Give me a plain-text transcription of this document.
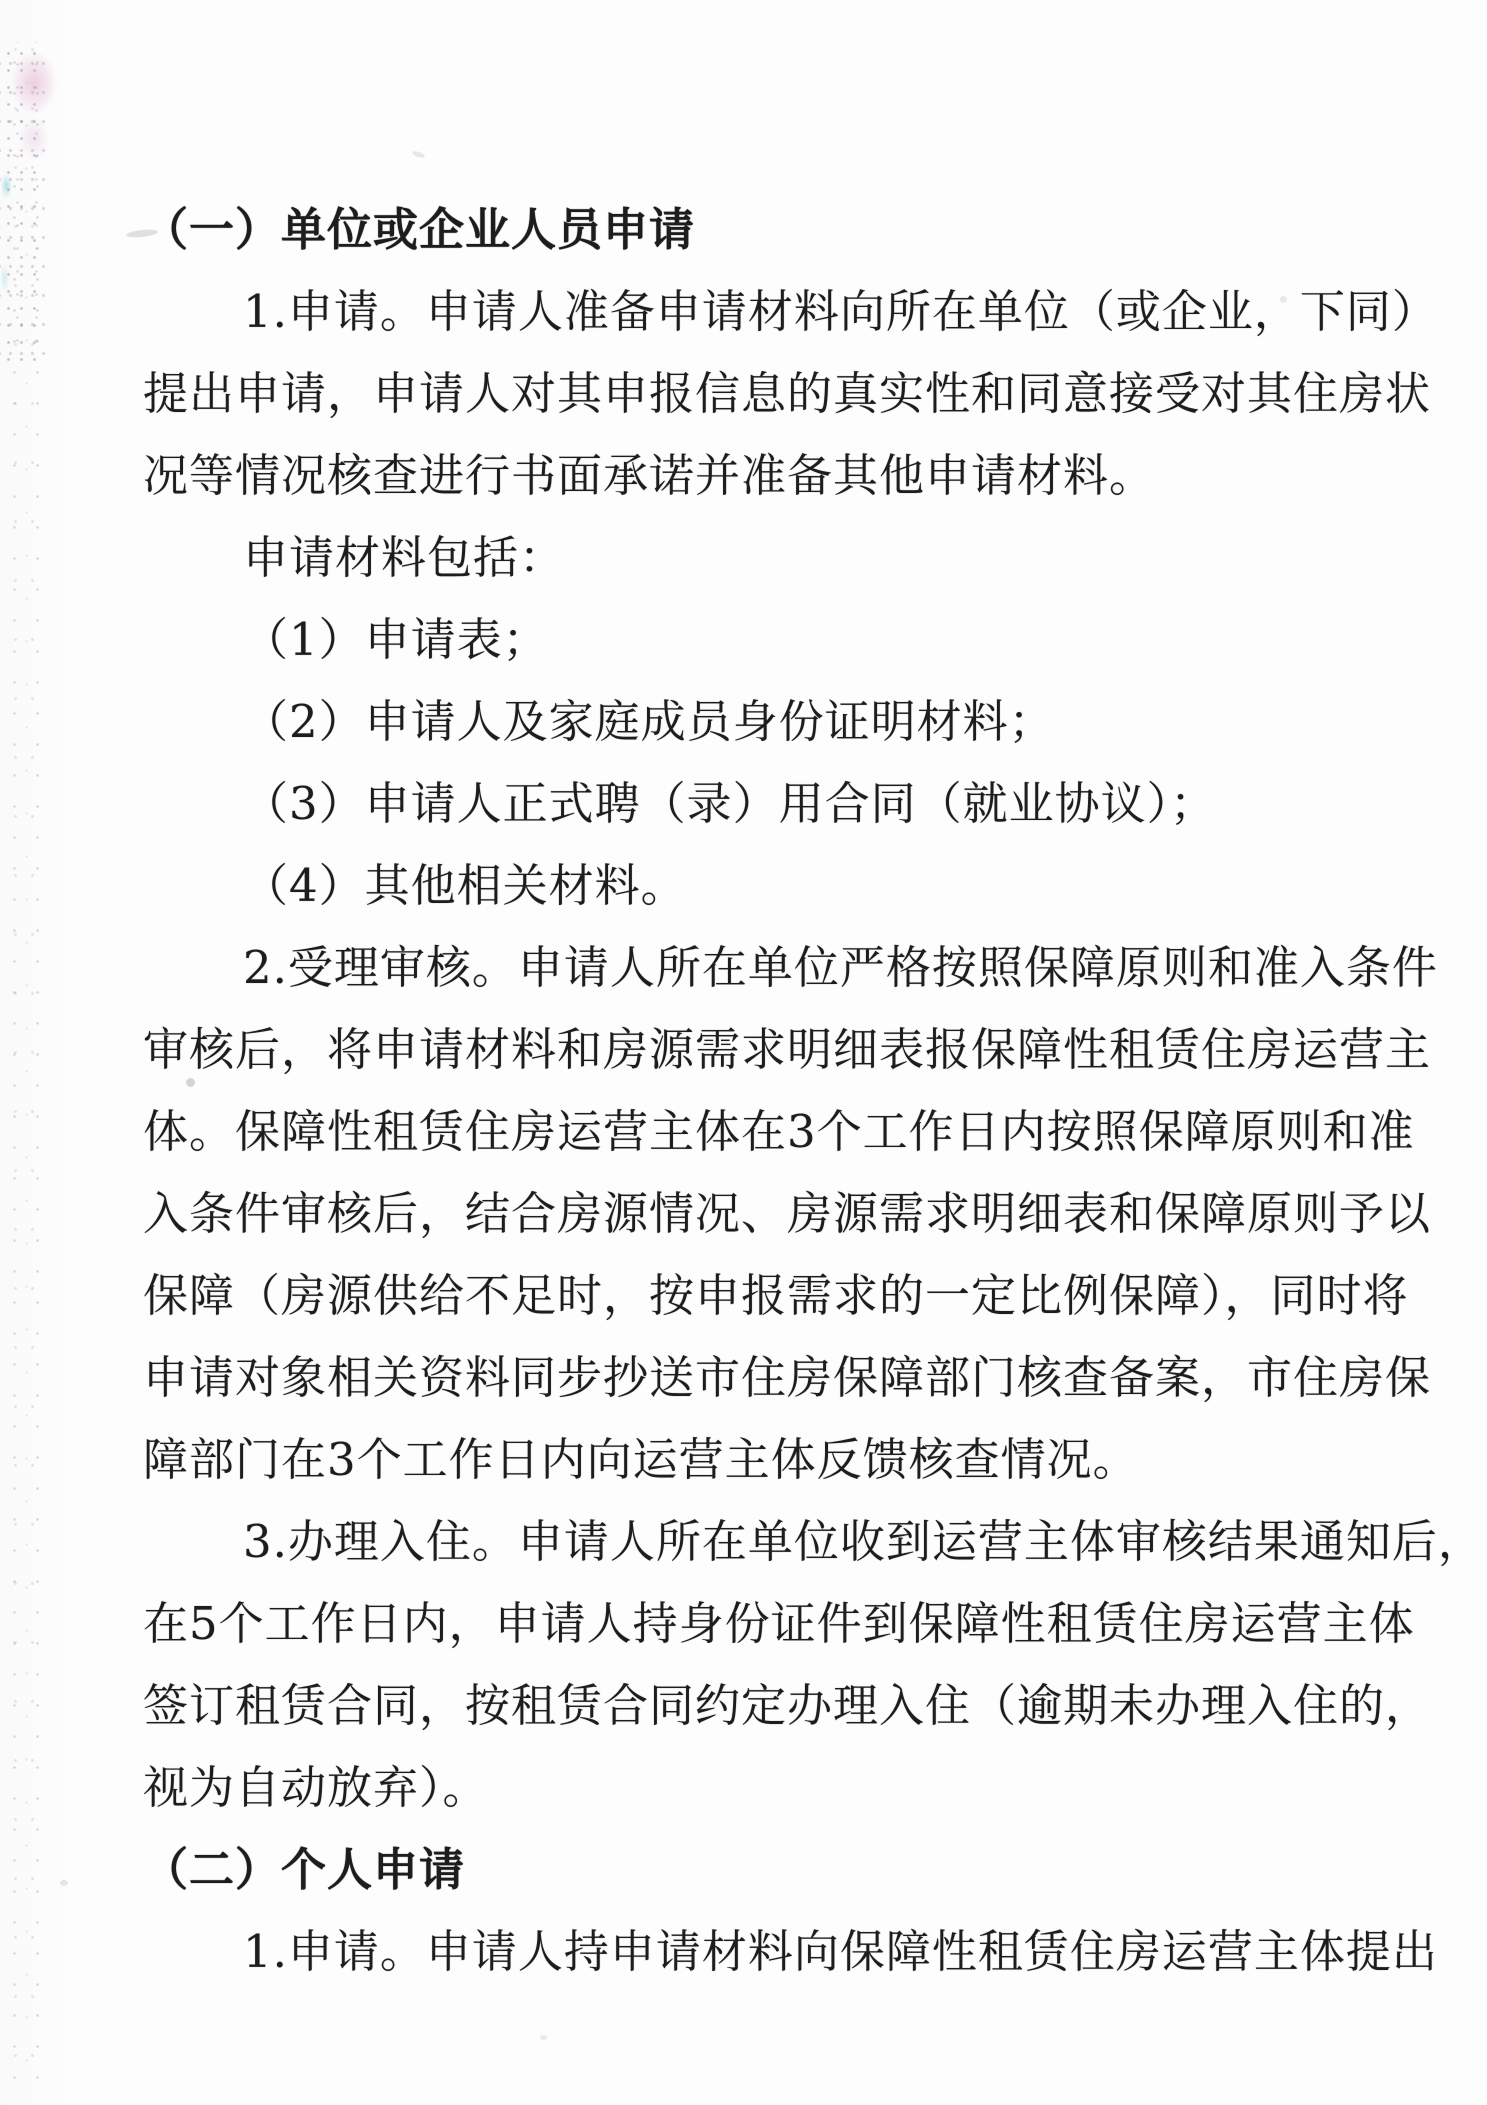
（一）单位或企业人员申请
1.申请。申请人准备申请材料向所在单位（或企业，下同）
提出申请，申请人对其申报信息的真实性和同意接受对其住房状
况等情况核查进行书面承诺并准备其他申请材料。
申请材料包括：
（1）申请表；
（2）申请人及家庭成员身份证明材料；
（3）申请人正式聘（录）用合同（就业协议）；
（4）其他相关材料。
2.受理审核。申请人所在单位严格按照保障原则和准入条件
审核后，将申请材料和房源需求明细表报保障性租赁住房运营主
体。保障性租赁住房运营主体在3个工作日内按照保障原则和准
入条件审核后，结合房源情况、房源需求明细表和保障原则予以
保障（房源供给不足时，按申报需求的一定比例保障），同时将
申请对象相关资料同步抄送市住房保障部门核查备案，市住房保
障部门在3个工作日内向运营主体反馈核查情况。
3.办理入住。申请人所在单位收到运营主体审核结果通知后，
在5个工作日内，申请人持身份证件到保障性租赁住房运营主体
签订租赁合同，按租赁合同约定办理入住（逾期未办理入住的，
视为自动放弃）。
（二）个人申请
1.申请。申请人持申请材料向保障性租赁住房运营主体提出
